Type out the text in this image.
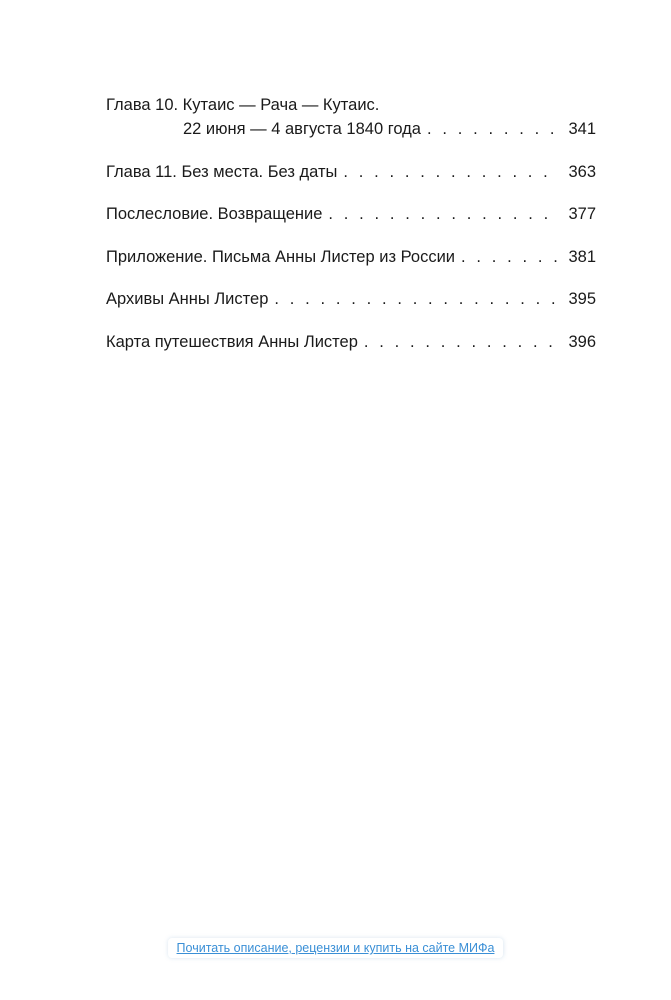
Глава 10. Кутаис — Рача — Кутаис.
22 июня — 4 августа 1840 года . . .	341
Глава 11. Без места. Без даты . . .	363
Послесловие. Возвращение . . .	377
Приложение. Письма Анны Листер из России . . .	381
Архивы Анны Листер . . .	395
Карта путешествия Анны Листер . . .	396
Почитать описание, рецензии и купить на сайте МИФа
